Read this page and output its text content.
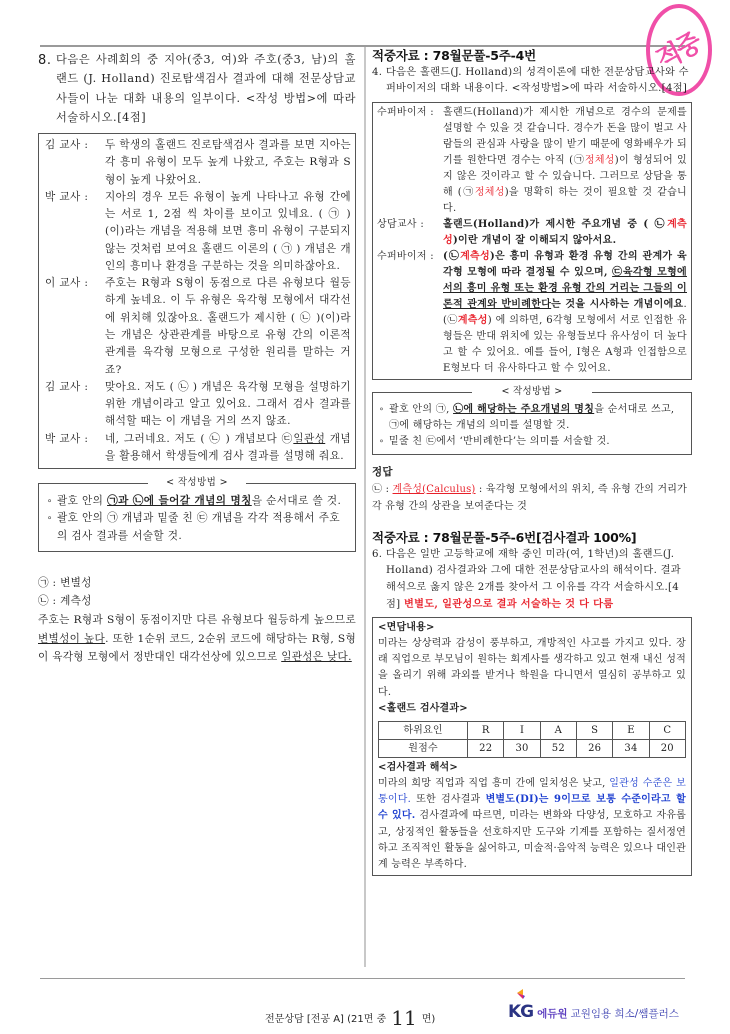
8. 다음은 사례회의 중 지아(중3, 여)와 주호(중3, 남)의 홀랜드 (J. Holland) 진로탐색검사 결과에 대해 전문상담교사들이 나눈 대화 내용의 일부이다. <작성 방법>에 따라 서술하시오.[4점]
김 교사 :	두 학생의 홀랜드 진로탐색검사 결과를 보면 지아는 각 흥미 유형이 모두 높게 나왔고, 주호는 R형과 S형이 높게 나왔어요.
박 교사 :	지아의 경우 모든 유형이 높게 나타나고 유형 간에는 서로 1, 2점 씩 차이를 보이고 있네요. ( ㉠ )(이)라는 개념을 적용해 보면 흥미 유형이 구분되지 않는 것처럼 보여요 홀랜드 이론의 ( ㉠ ) 개념은 개인의 흥미나 환경을 구분하는 것을 의미하잖아요.
이 교사 :	주호는 R형과 S형이 동점으로 다른 유형보다 월등하게 높네요. 이 두 유형은 육각형 모형에서 대각선에 위치해 있잖아요. 홀랜드가 제시한 ( ㉡ )(이)라는 개념은 상관관계를 바탕으로 유형 간의 이론적 관계를 육각형 모형으로 구성한 원리를 말하는 거죠?
김 교사 :	맞아요. 저도 ( ㉡ ) 개념은 육각형 모형을 설명하기 위한 개념이라고 알고 있어요. 그래서 검사 결과를 해석할 때는 이 개념을 거의 쓰지 않죠.
박 교사 :	네, 그러네요. 저도 ( ㉡ ) 개념보다 ㉢일관성 개념을 활용해서 학생들에게 검사 결과를 설명해 줘요.
< 작성방법 >
∘ 괄호 안의 ㉠과 ㉡에 들어갈 개념의 명칭을 순서대로 쓸 것.
∘ 괄호 안의 ㉠ 개념과 밑줄 친 ㉢ 개념을 각각 적용해서 주호의 검사 결과를 서술할 것.
㉠ : 변별성
㉡ : 계측성
주호는 R형과 S형이 동점이지만 다른 유형보다 월등하게 높으므로 변별성이 높다. 또한 1순위 코드, 2순위 코드에 해당하는 R형, S형이 육각형 모형에서 정반대인 대각선상에 있으므로 일관성은 낮다.
적중
적중자료 : 78월문풀-5주-4번
4. 다음은 홀랜드(J. Holland)의 성격이론에 대한 전문상담교사와 수퍼바이저의 대화 내용이다. <작성방법>에 따라 서술하시오.[4점]
수퍼바이저 : 홀랜드(Holland)가 제시한 개념으로 경수의 문제를 설명할 수 있을 것 같습니다. 경수가 돈을 많이 벌고 사람들의 관심과 사랑을 많이 받기 때문에 영화배우가 되기를 원한다면 경수는 아직 (㉠정체성)이 형성되어 있지 않은 것이라고 할 수 있습니다. 그러므로 상담을 통해 (㉠정체성)을 명확히 하는 것이 필요할 것 같습니다.
상담교사 :	홀랜드(Holland)가 제시한 주요개념 중 ( ㉡계측성)이란 개념이 잘 이해되지 않아서요.
수퍼바이저 : (㉡계측성)은 흥미 유형과 환경 유형 간의 관계가 육각형 모형에 따라 결정될 수 있으며, ㉢육각형 모형에서의 흥미 유형 또는 환경 유형 간의 거리는 그들의 이론적 관계와 반비례한다는 것을 시사하는 개념이에요. (㉡계측성) 에 의하면, 6각형 모형에서 서로 인접한 유형들은 반대 위치에 있는 유형들보다 유사성이 더 높다고 할 수 있어요. 예를 들어, I형은 A형과 인접함으로 E형보다 더 유사하다고 할 수 있어요.
< 작성방법 >
∘ 괄호 안의 ㉠, ㉡에 해당하는 주요개념의 명칭을 순서대로 쓰고, ㉠에 해당하는 개념의 의미를 설명할 것.
∘ 밑줄 친 ㉢에서 ‘반비례한다’는 의미를 서술할 것.
정답
㉡ : 계측성(Calculus) : 육각형 모형에서의 위치, 즉 유형 간의 거리가 각 유형 간의 상관을 보여준다는 것
적중자료 : 78월문풀-5주-6번[검사결과 100%]
6. 다음은 일반 고등학교에 재학 중인 미라(여, 1학년)의 홀랜드(J. Holland) 검사결과와 그에 대한 전문상담교사의 해석이다. 결과 해석으로 옳지 않은 2개를 찾아서 그 이유를 각각 서술하시오.[4점] 변별도, 일관성으로 결과 서술하는 것 다 다룸
<면담내용>
미라는 상상력과 감성이 풍부하고, 개방적인 사고를 가지고 있다. 장래 직업으로 부모님이 원하는 회계사를 생각하고 있고 현재 내신 성적을 올리기 위해 과외를 받거나 학원을 다니면서 열심히 공부하고 있다.
<홀랜드 검사결과>
하위요인	R	I	A	S	E	C
원점수	22	30	52	26	34	20
<검사결과 해석>
미라의 희망 직업과 직업 흥미 간에 일치성은 낮고, 일관성 수준은 보통이다. 또한 검사결과 변별도(DI)는 9이므로 보통 수준이라고 할 수 있다. 검사결과에 따르면, 미라는 변화와 다양성, 모호하고 자유롭고, 상징적인 활동들을 선호하지만 도구와 기계를 포함하는 질서정연하고 조직적인 활동을 싫어하고, 미술적·음악적 능력은 있으나 대인관계 능력은 부족하다.
전문상담 [전공 A] (21면 중 11 면)	KG 에듀원 교원임용 희소/쌤플러스
